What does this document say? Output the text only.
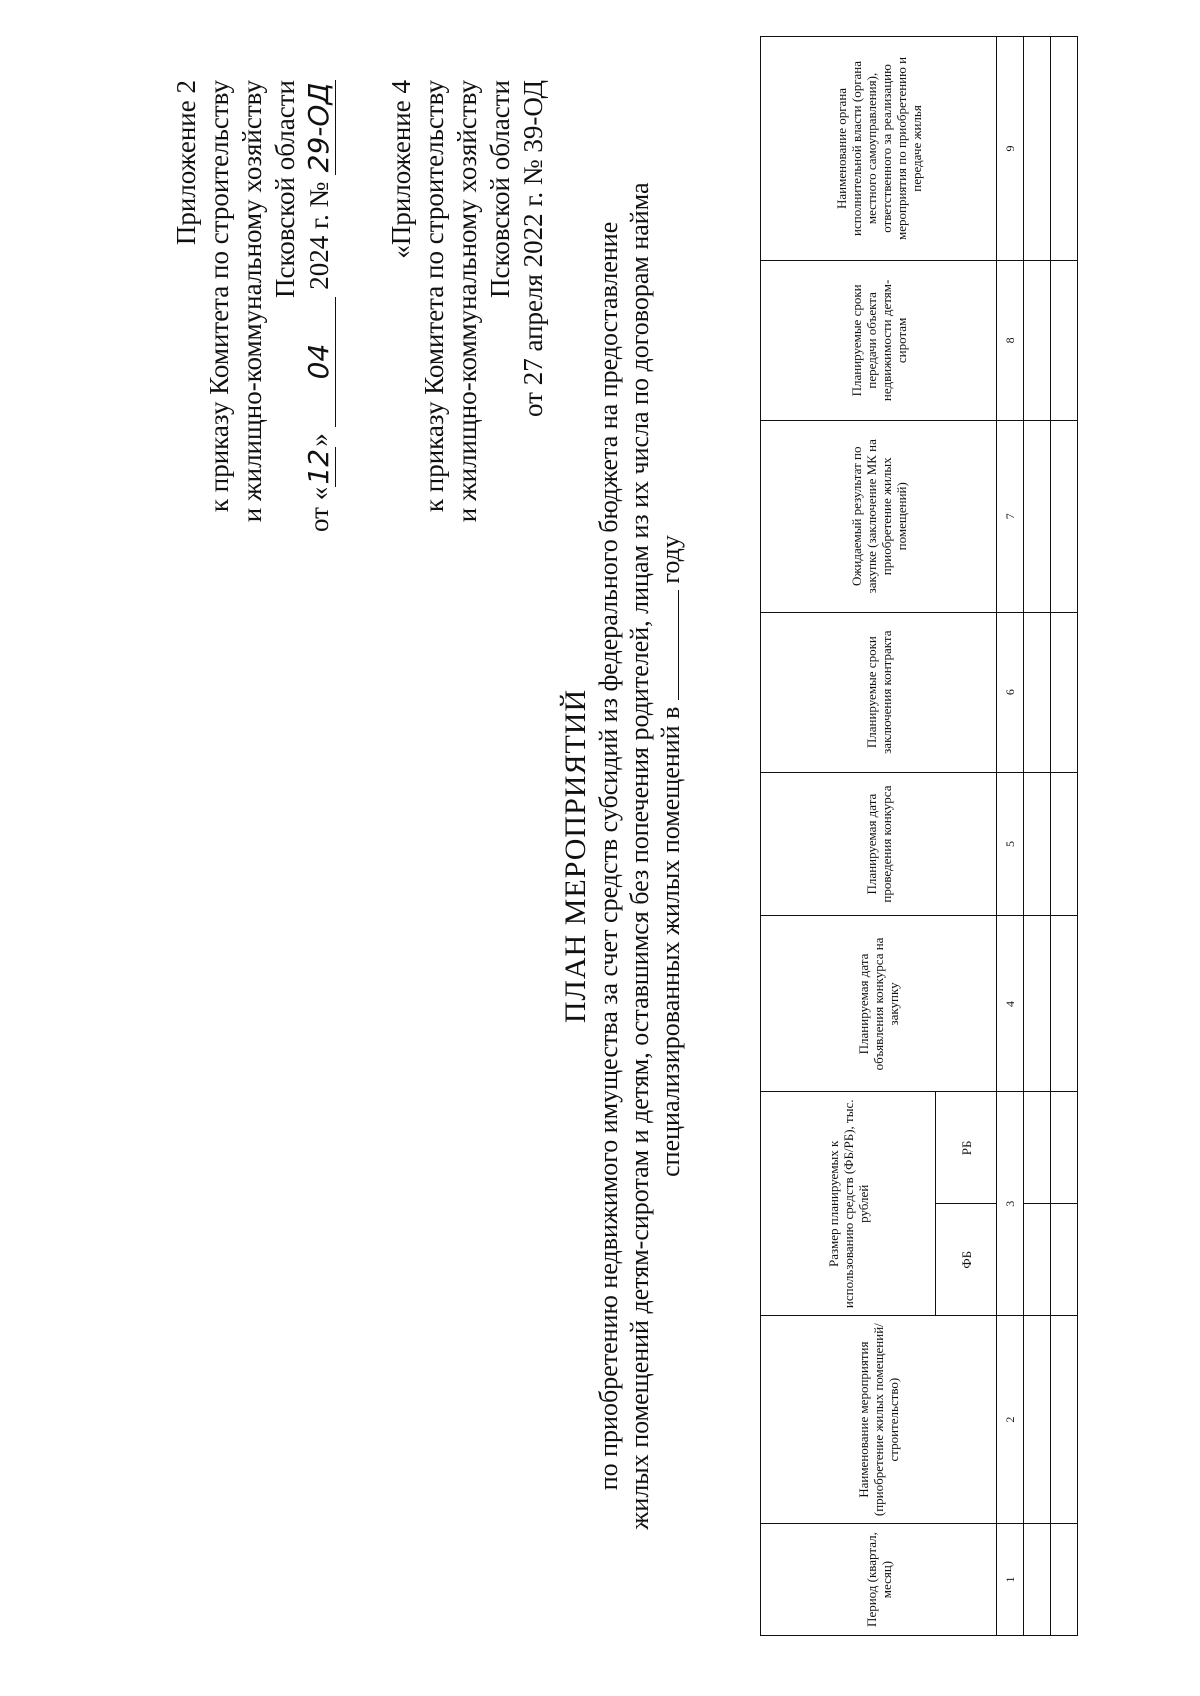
Приложение 2 к приказу Комитета по строительству и жилищно-коммунальному хозяйству Псковской области
от «12» 04 2024 г. № 29-ОД «Приложение 4 к приказу Комитета по строительству и жилищно-коммунальному хозяйству Псковской области от 27 апреля 2022 г. № 39-ОД
ПЛАН МЕРОПРИЯТИЙ по приобретению недвижимого имущества за счет средств субсидий из федерального бюджета на предоставление жилых помещений детям-сиротам и детям, оставшимся без попечения родителей, лицам из их числа по договорам найма специализированных жилых помещений в  году
Период (квартал, месяц)	Наименование мероприятия (приобретение жилых помещений/строительство)	Размер планируемых к использованию средств (ФБ/РБ), тыс. рублей		Планируемая дата объявления конкурса на закупку	Планируемая дата проведения конкурса	Планируемые сроки заключения контракта	Ожидаемый результат по закупке (заключение МК на приобретение жилых помещений)	Планируемые сроки передачи объекта недвижимости детям-сиротам	Наименование органа исполнительной власти (органа местного самоуправления), ответственного за реализацию мероприятия по приобретению и передаче жилья
		ФБ	РБ						
1	2	3		4	5	6	7	8	9
